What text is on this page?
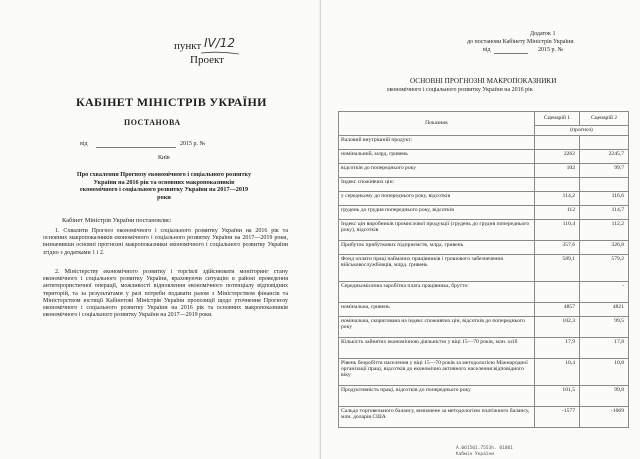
пункт IV/12
Проект
КАБІНЕТ МІНІСТРІВ УКРАЇНИ
ПОСТАНОВА
від	2015 р. №
Київ
Про схвалення Прогнозу економічного і соціального розвитку України на 2016 рік та основних макропоказників економічного і соціального розвитку України на 2017—2019 роки
Кабінет Міністрів України постановляє:
1. Схвалити Прогноз економічного і соціального розвитку України на 2016 рік та основних макропоказників економічного і соціального розвитку України на 2017—2019 роки, визначивши основні прогнозні макропоказники економічного і соціального розвитку України згідно з додатками 1 і 2.
2. Міністерству економічного розвитку і торгівлі здійснювати моніторинг стану економічного і соціального розвитку України, враховуючи ситуацію в районі проведення антитерористичної операції, можливості відновлення економічного потенціалу відповідних територій, та за результатами у разі потреби подавати разом з Міністерством фінансів та Міністерством юстиції Кабінетові Міністрів України пропозиції щодо уточнення Прогнозу економічного і соціального розвитку України на 2016 рік та основних макропоказників економічного і соціального розвитку України на 2017—2019 роки.
Додаток 1
до постанови Кабінету Міністрів України
від	2015 р. №
ОСНОВНІ ПРОГНОЗНІ МАКРОПОКАЗНИКИ
економічного і соціального розвитку України на 2016 рік
Показник	Сценарій 1	Сценарій 2
	(прогноз)	
Валовий внутрішній продукт:		
номінальний, млрд. гривень	2262	2245,7
відсотків до попереднього року	102	99,7
Індекс споживчих цін:		
у середньому до попереднього року, відсотків	114,2	116,6
грудень до грудня попереднього року, відсотків	112	114,7
Індекс цін виробників промислової продукції (грудень до грудня попереднього року), відсотків	110,4	112,2
Прибуток прибуткових підприємств, млрд. гривень	357,6	326,8
Фонд оплати праці найманих працівників і грошового забезпечення військовослужбовців, млрд. гривень	589,1	579,2
Середньомісячна заробітна плата працівника, брутто:		-
номінальна, гривень	4857	4821
номінальна, скоригована на індекс споживчих цін, відсотків до попереднього року	102,3	99,5
Кількість зайнятих економічною діяльністю у віці 15—70 років, млн. осіб	17,9	17,8
Рівень безробіття населення у віці 15—70 років за методологією Міжнародної організації праці, відсотків до економічно активного населення відповідного віку	10,4	10,8
Продуктивність праці, відсотків до попереднього року	101,5	99,8
Сальдо торговельного балансу, визначене за методологією платіжного балансу, млн. доларів США	-1577	-1069
А.001501.7553h. 01001
Кабмін України
